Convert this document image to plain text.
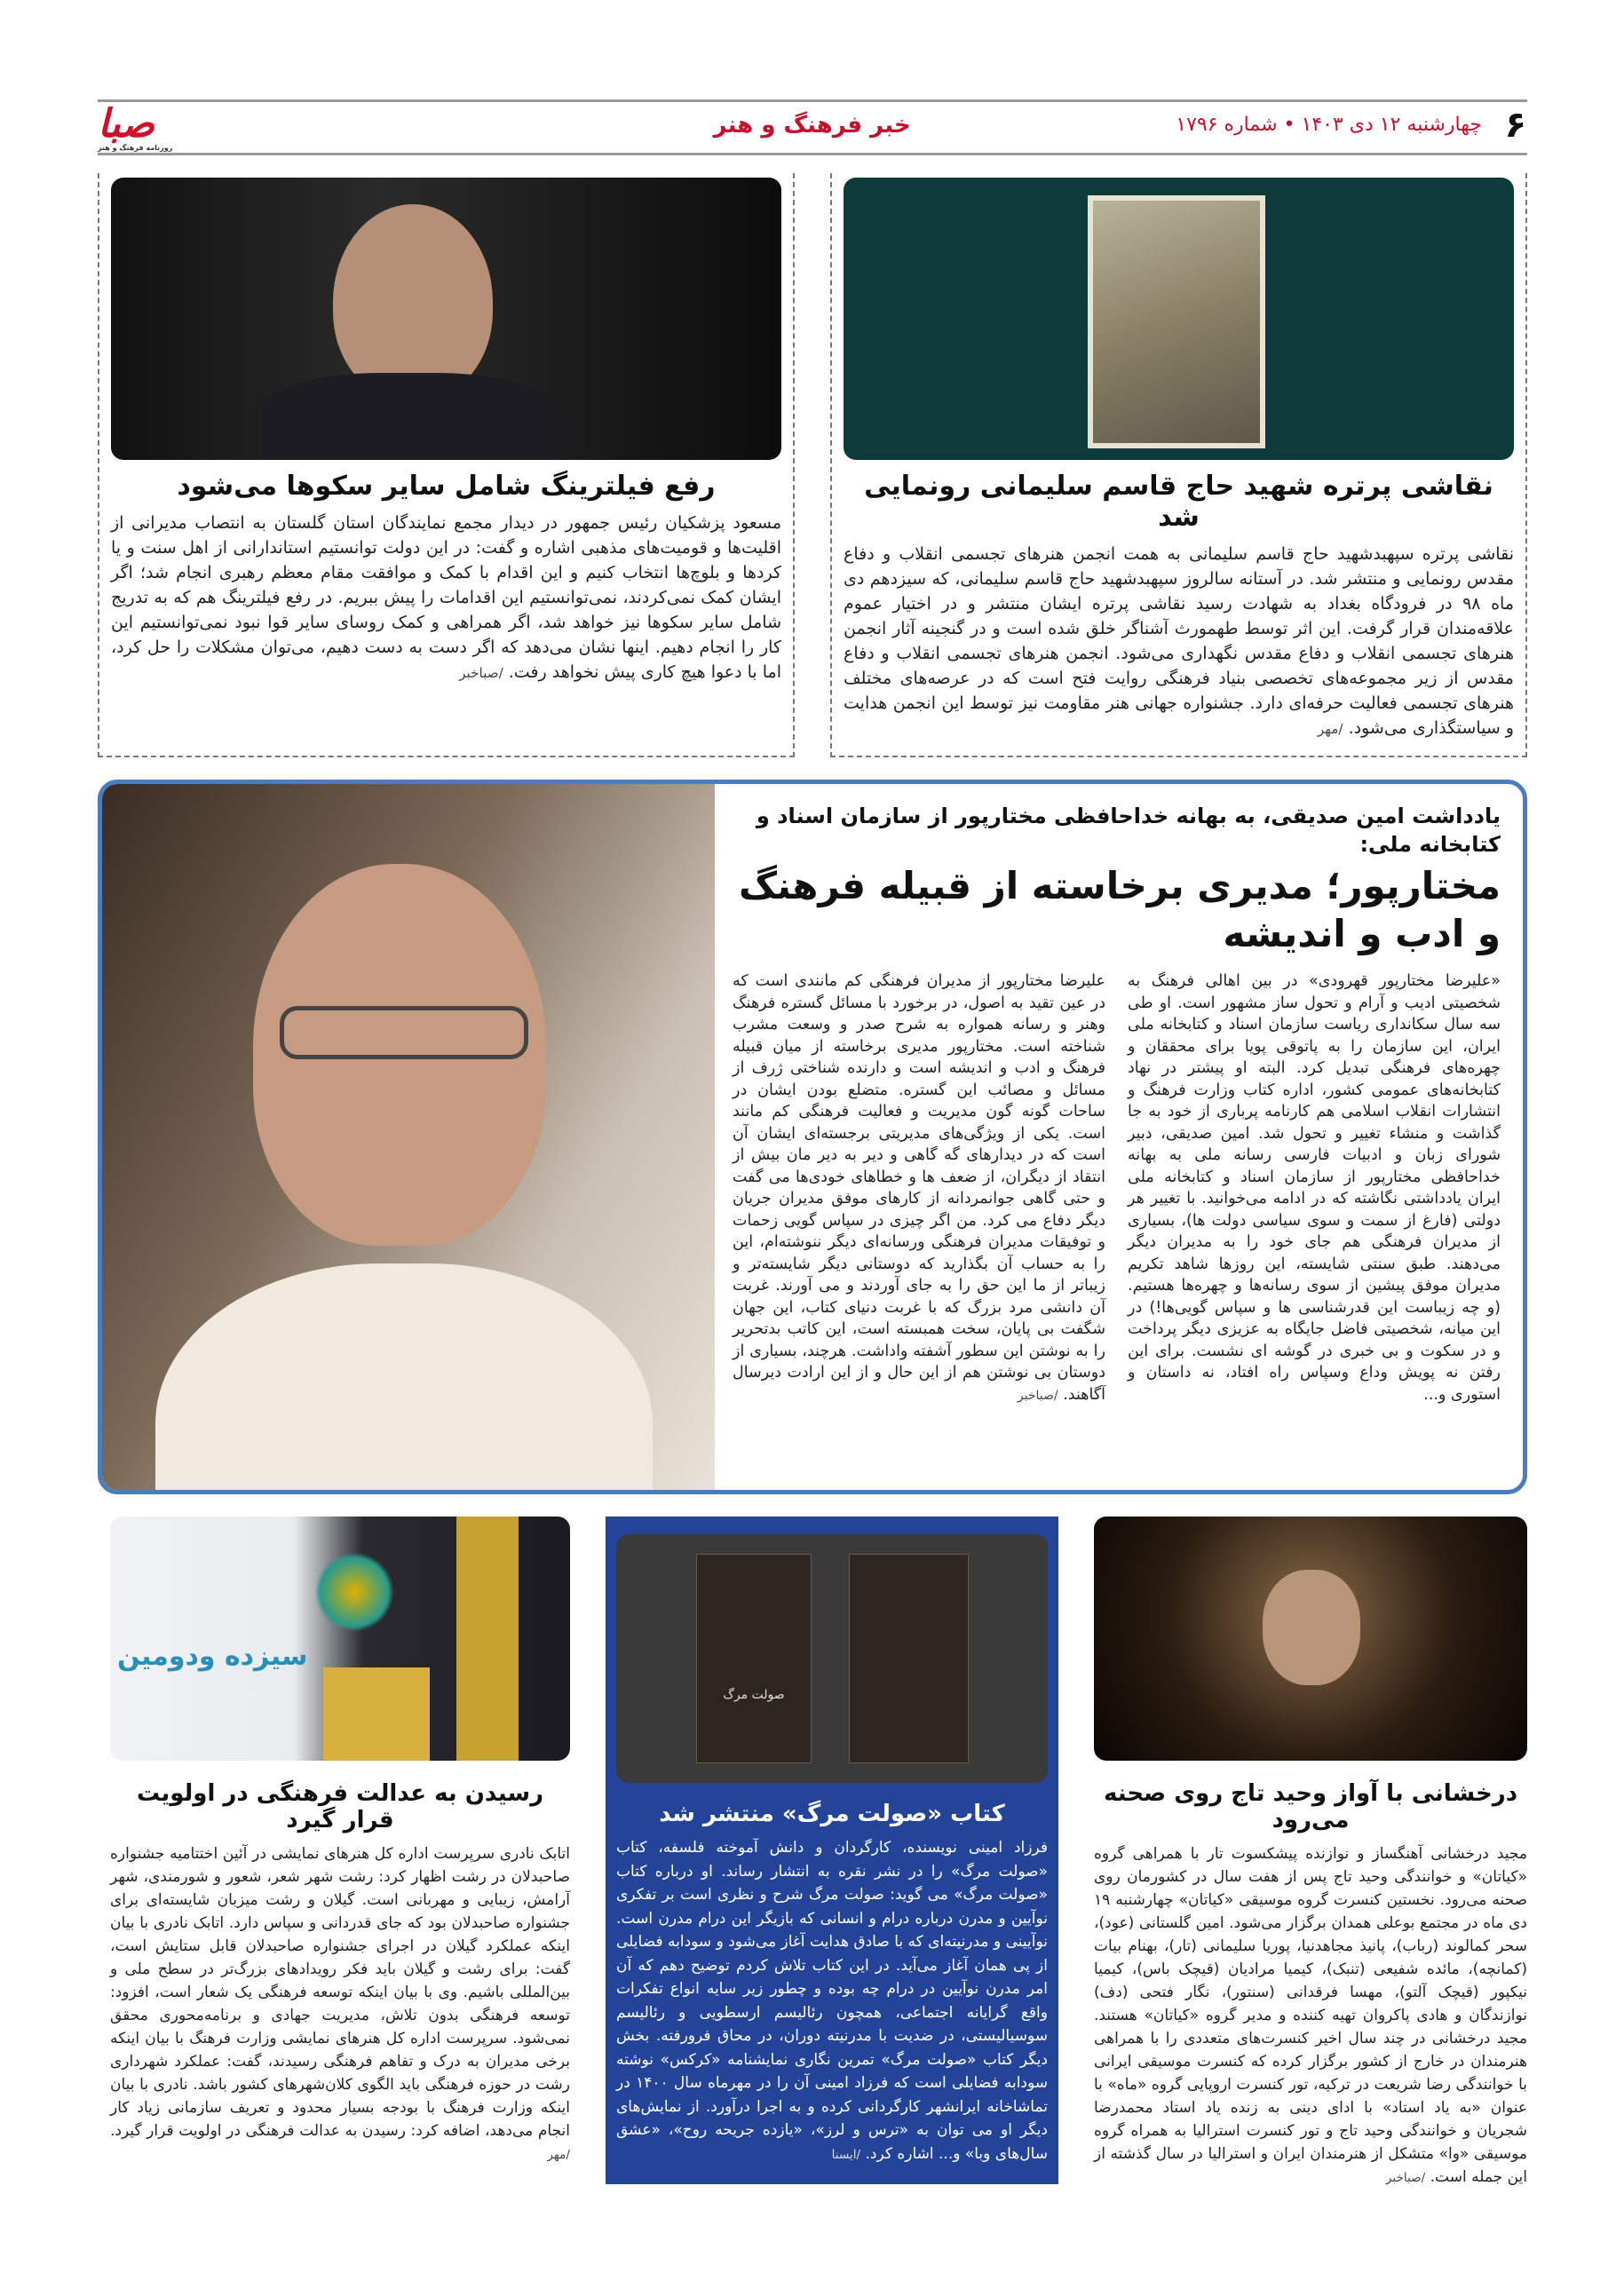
۶
چهارشنبه ۱۲ دی ۱۴۰۳ • شماره ۱۷۹۶
خبر فرهنگ و هنر
صبا
روزنامه فرهنگ و هنر
نقاشی پرتره شهید حاج قاسم سلیمانی رونمایی شد
نقاشی پرتره سپهبدشهید حاج قاسم سلیمانی به همت انجمن هنرهای تجسمی انقلاب و دفاع مقدس رونمایی و منتشر شد. در آستانه سالروز سپهبدشهید حاج قاسم سلیمانی، که سیزدهم دی ماه ۹۸ در فرودگاه بغداد به شهادت رسید نقاشی پرتره ایشان منتشر و در اختیار عموم علاقه‌مندان قرار گرفت. این اثر توسط طهمورث آشناگر خلق شده است و در گنجینه آثار انجمن هنرهای تجسمی انقلاب و دفاع مقدس نگهداری می‌شود. انجمن هنرهای تجسمی انقلاب و دفاع مقدس از زیر مجموعه‌های تخصصی بنیاد فرهنگی روایت فتح است که در عرصه‌های مختلف هنرهای تجسمی فعالیت حرفه‌ای دارد. جشنواره جهانی هنر مقاومت نیز توسط این انجمن هدایت و سیاستگذاری می‌شود. /مهر
رفع فیلترینگ شامل سایر سکوها می‌شود
مسعود پزشکیان رئیس جمهور در دیدار مجمع نمایندگان استان گلستان به انتصاب مدیرانی از اقلیت‌ها و قومیت‌های مذهبی اشاره و گفت: در این دولت توانستیم استاندارانی از اهل سنت و یا کردها و بلوچ‌ها انتخاب کنیم و این اقدام با کمک و موافقت مقام معظم رهبری انجام شد؛ اگر ایشان کمک نمی‌کردند، نمی‌توانستیم این اقدامات را پیش ببریم. در رفع فیلترینگ هم که به تدریج شامل سایر سکوها نیز خواهد شد، اگر همراهی و کمک روسای سایر قوا نبود نمی‌توانستیم این کار را انجام دهیم. اینها نشان می‌دهد که اگر دست به دست دهیم، می‌توان مشکلات را حل کرد، اما با دعوا هیچ کاری پیش نخواهد رفت. /صباخبر
یادداشت امین صدیقی، به بهانه خداحافظی مختارپور از سازمان اسناد و کتابخانه ملی:
مختارپور؛ مدیری برخاسته از قبیله فرهنگ و ادب و اندیشه
«علیرضا مختارپور قهرودی» در بین اهالی فرهنگ به شخصیتی ادیب و آرام و تحول ساز مشهور است. او طی سه سال سکانداری ریاست سازمان اسناد و کتابخانه ملی ایران، این سازمان را به پاتوقی پویا برای محققان و چهره‌های فرهنگی تبدیل کرد. البته او پیشتر در نهاد کتابخانه‌های عمومی کشور، اداره کتاب وزارت فرهنگ و انتشارات انقلاب اسلامی هم کارنامه پرباری از خود به جا گذاشت و منشاء تغییر و تحول شد. امین صدیقی، دبیر شورای زبان و ادبیات فارسی رسانه ملی به بهانه خداحافظی مختارپور از سازمان اسناد و کتابخانه ملی ایران یادداشتی نگاشته که در ادامه می‌خوانید. با تغییر هر دولتی (فارغ از سمت و سوی سیاسی دولت ها)، بسیاری از مدیران فرهنگی هم جای خود را به مدیران دیگر می‌دهند. طبق سنتی شایسته، این روزها شاهد تکریم مدیران موفق پیشین از سوی رسانه‌ها و چهره‌ها هستیم. (و چه زیباست این قدرشناسی ها و سپاس گویی‌ها!) در این میانه، شخصیتی فاضل جایگاه به عزیزی دیگر پرداخت و در سکوت و بی خبری در گوشه ای نشست. برای این رفتن نه پویش وداع وسپاس راه افتاد، نه داستان و استوری و...
علیرضا مختارپور از مدیران فرهنگی کم مانندی است که در عین تقید به اصول، در برخورد با مسائل گستره فرهنگ وهنر و رسانه همواره به شرح صدر و وسعت مشرب شناخته است. مختارپور مدیری برخاسته از میان قبیله فرهنگ و ادب و اندیشه است و دارنده شناختی ژرف از مسائل و مصائب این گستره. متضلع بودن ایشان در ساحات گونه گون مدیریت و فعالیت فرهنگی کم مانند است. یکی از ویژگی‌های مدیریتی برجسته‌ای ایشان آن است که در دیدارهای گه گاهی و دیر به دیر مان بیش از انتقاد از دیگران، از ضعف ها و خطاهای خودی‌ها می گفت و حتی گاهی جوانمردانه از کارهای موفق مدیران جریان دیگر دفاع می کرد. من اگر چیزی در سپاس گویی زحمات و توفیقات مدیران فرهنگی ورسانه‌ای دیگر ننوشته‌ام، این را به حساب آن بگذارید که دوستانی دیگر شایسته‌تر و زیباتر از ما این حق را به جای آوردند و می آورند. غربت آن دانشی مرد بزرگ که با غربت دنیای کتاب، این جهان شگفت بی پایان، سخت همبسته است، این کاتب بدتحریر را به نوشتن این سطور آشفته واداشت. هرچند، بسیاری از دوستان بی نوشتن هم از این حال و از این ارادت دیرسال آگاهند. /صباخبر
درخشانی با آواز وحید تاج روی صحنه می‌رود
مجید درخشانی آهنگساز و نوازنده پیشکسوت تار با همراهی گروه «کیاتان» و خوانندگی وحید تاج پس از هفت سال در کشورمان روی صحنه می‌رود. نخستین کنسرت گروه موسیقی «کیاتان» چهارشنبه ۱۹ دی ماه در مجتمع بوعلی همدان برگزار می‌شود. امین گلستانی (عود)، سحر کمالوند (رباب)، پانیذ مجاهدنیا، پوریا سلیمانی (تار)، بهنام بیات (کمانچه)، مائده شفیعی (تنبک)، کیمیا مرادیان (قیچک باس)، کیمیا نیکپور (قیچک آلتو)، مهسا فرقدانی (سنتور)، نگار فتحی (دف) نوازندگان و هادی پاکروان تهیه کننده و مدیر گروه «کیاتان» هستند. مجید درخشانی در چند سال اخیر کنسرت‌های متعددی را با همراهی هنرمندان در خارج از کشور برگزار کرده که کنسرت موسیقی ایرانی با خوانندگی رضا شریعت در ترکیه، تور کنسرت اروپایی گروه «ماه» با عنوان «به یاد استاد» با ادای دینی به زنده یاد استاد محمدرضا شجریان و خوانندگی وحید تاج و تور کنسرت استرالیا به همراه گروه موسیقی «وا» متشکل از هنرمندان ایران و استرالیا در سال گذشته از این جمله است. /صباخبر
صولت مرگ
کتاب «صولت مرگ» منتشر شد
فرزاد امینی نویسنده، کارگردان و دانش آموخته فلسفه، کتاب «صولت مرگ» را در نشر نقره به انتشار رساند. او درباره کتاب «صولت مرگ» می گوید: صولت مرگ شرح و نظری است بر تفکری نوآیین و مدرن درباره درام و انسانی که بازیگر این درام مدرن است. نوآیینی و مدرنیته‌ای که با صادق هدایت آغاز می‌شود و سودابه فضایلی از پی همان آغاز می‌آید. در این کتاب تلاش کردم توضیح دهم که آن امر مدرن نوآیین در درام چه بوده و چطور زیر سایه انواع تفکرات واقع گرایانه اجتماعی، همچون رئالیسم ارسطویی و رئالیسم سوسیالیستی، در ضدیت با مدرنیته دوران، در محاق فرورفته. بخش دیگر کتاب «صولت مرگ» تمرین نگاری نمایشنامه «کرکس» نوشته سودابه فضایلی است که فرزاد امینی آن را در مهرماه سال ۱۴۰۰ در تماشاخانه ایرانشهر کارگردانی کرده و به اجرا درآورد. از نمایش‌های دیگر او می توان به «ترس و لرز»، «یازده جریحه روح»، «عشق سال‌های وبا» و... اشاره کرد. /ایسنا
سیزده ودومین
رسیدن به عدالت فرهنگی در اولویت قرار گیرد
اتابک نادری سرپرست اداره کل هنرهای نمایشی در آئین اختتامیه جشنواره صاحبدلان در رشت اظهار کرد: رشت شهر شعر، شعور و شورمندی، شهر آرامش، زیبایی و مهربانی است. گیلان و رشت میزبان شایسته‌ای برای جشنواره صاحبدلان بود که جای قدردانی و سپاس دارد. اتابک نادری با بیان اینکه عملکرد گیلان در اجرای جشنواره صاحبدلان قابل ستایش است، گفت: برای رشت و گیلان باید فکر رویدادهای بزرگ‌تر در سطح ملی و بین‌المللی باشیم. وی با بیان اینکه توسعه فرهنگی یک شعار است، افزود: توسعه فرهنگی بدون تلاش، مدیریت جهادی و برنامه‌محوری محقق نمی‌شود. سرپرست اداره کل هنرهای نمایشی وزارت فرهنگ با بیان اینکه برخی مدیران به درک و تفاهم فرهنگی رسیدند، گفت: عملکرد شهرداری رشت در حوزه فرهنگی باید الگوی کلان‌شهرهای کشور باشد. نادری با بیان اینکه وزارت فرهنگ با بودجه بسیار محدود و تعریف سازمانی زیاد کار انجام می‌دهد، اضافه کرد: رسیدن به عدالت فرهنگی در اولویت قرار گیرد. /مهر
